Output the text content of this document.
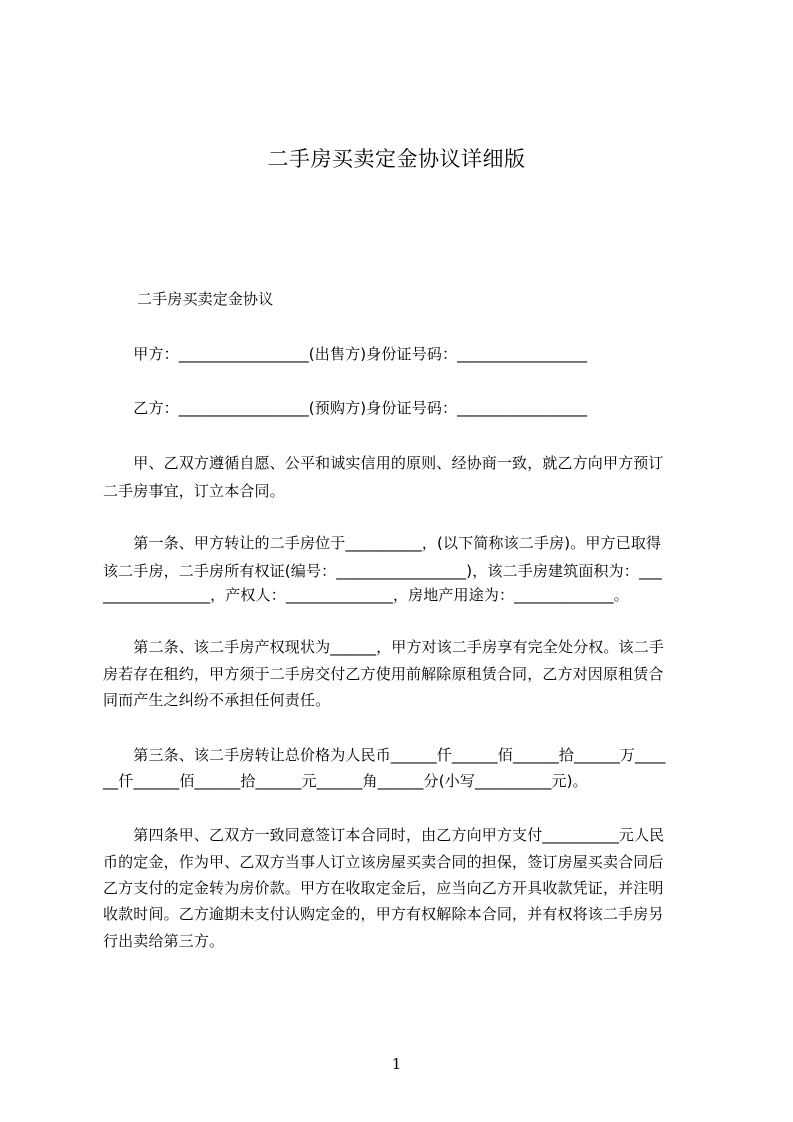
二手房买卖定金协议详细版
二手房买卖定金协议
　　甲方：_________________(出售方)身份证号码：_________________
　　乙方：_________________(预购方)身份证号码：_________________
　　甲、乙双方遵循自愿、公平和诚实信用的原则、经协商一致，就乙方向甲方预订
二手房事宜，订立本合同。
　　第一条、甲方转让的二手房位于__________，(以下简称该二手房)。甲方已取得
该二手房，二手房所有权证(编号：_________________)，该二手房建筑面积为：___
______________，产权人：______________，房地产用途为：_____________。
　　第二条、该二手房产权现状为______，甲方对该二手房享有完全处分权。该二手
房若存在租约，甲方须于二手房交付乙方使用前解除原租赁合同，乙方对因原租赁合
同而产生之纠纷不承担任何责任。
　　第三条、该二手房转让总价格为人民币______仟______佰______拾______万____
__仟______佰______拾______元______角______分(小写__________元)。
　　第四条甲、乙双方一致同意签订本合同时，由乙方向甲方支付__________元人民
币的定金，作为甲、乙双方当事人订立该房屋买卖合同的担保，签订房屋买卖合同后
乙方支付的定金转为房价款。甲方在收取定金后，应当向乙方开具收款凭证，并注明
收款时间。乙方逾期未支付认购定金的，甲方有权解除本合同，并有权将该二手房另
行出卖给第三方。
1
